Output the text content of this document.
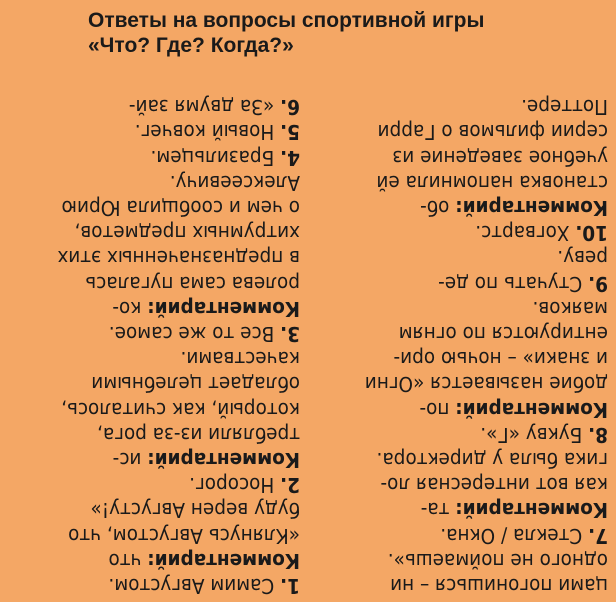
Ответы на вопросы спортивной игры
«Что? Где? Когда?»
1. Самим Августом.
Комментарий: что
«Клянусь Августом, что
буду верен Августу!»
2. Носорог.
Комментарий: ис-
требляли из-за рога,
который, как считалось,
обладает целебными
качествами.
3. Все то же самое.
Комментарий: ко-
ролева сама пугалась
в предназначенных этих
хитрумных предметов,
о чем и сообщила Юрию
Алексеевичу.
4. Бразильцем.
5. Новый ковчег.
6. «За двумя зай-
цами погонишься – ни
одного не поймаешь».
7. Стекла / Окна.
Комментарий: та-
кая вот интересная ло-
гика была у директора.
8. Букву «Г».
Комментарий: по-
добие называется «Огни
и знаки» – ночью ори-
ентируются по огням
маяков.
9. Стучать по де-
реву.
10. Хогвартс.
Комментарий: об-
становка напомнила ей
учебное заведение из
серии фильмов о Гарри
Поттере.
